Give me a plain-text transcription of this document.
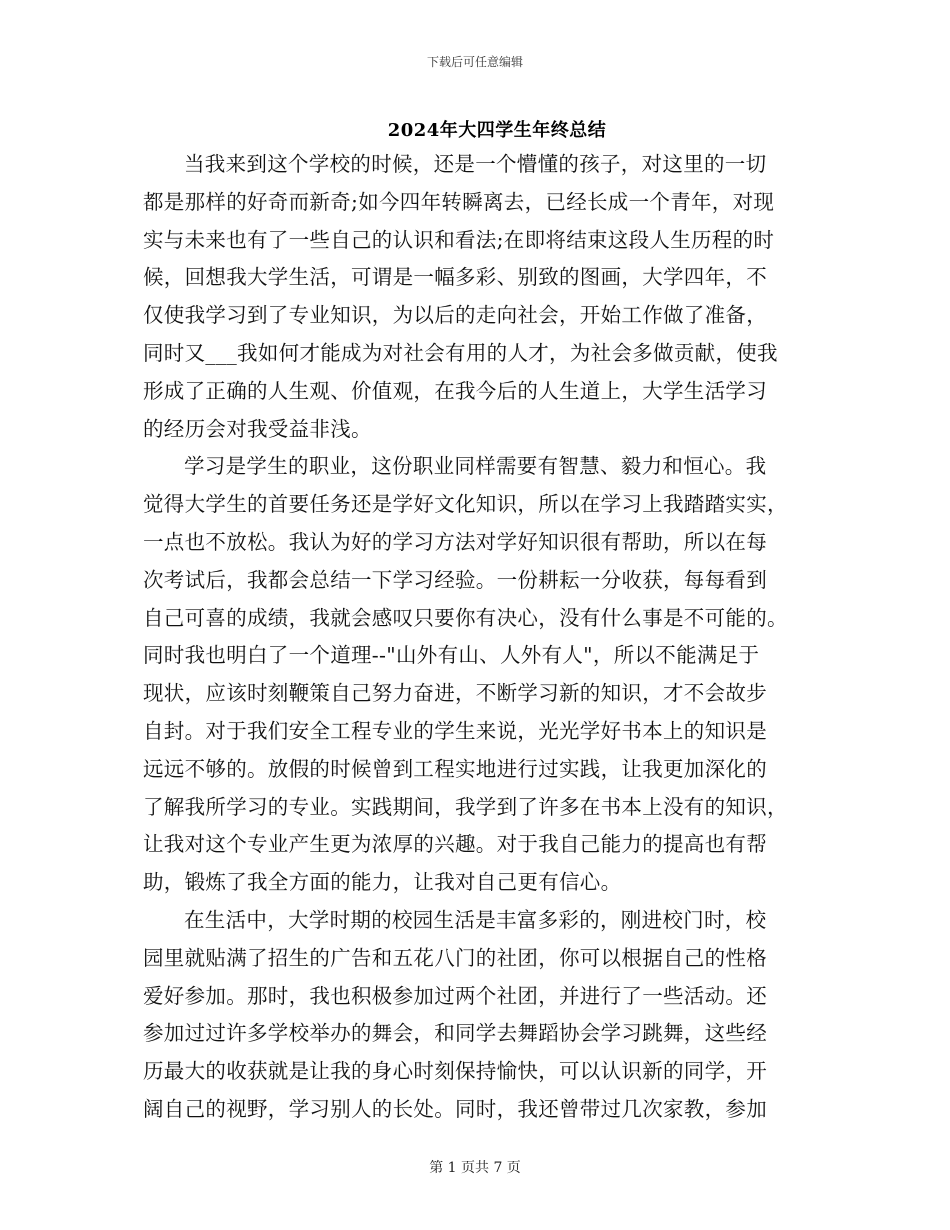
下载后可任意编辑
2024年大四学生年终总结

当我来到这个学校的时候，还是一个懵懂的孩子，对这里的一切
都是那样的好奇而新奇;如今四年转瞬离去，已经长成一个青年，对现
实与未来也有了一些自己的认识和看法;在即将结束这段人生历程的时
候，回想我大学生活，可谓是一幅多彩、别致的图画，大学四年，不
仅使我学习到了专业知识，为以后的走向社会，开始工作做了准备，
同时又___我如何才能成为对社会有用的人才，为社会多做贡献，使我
形成了正确的人生观、价值观，在我今后的人生道上，大学生活学习
的经历会对我受益非浅。

学习是学生的职业，这份职业同样需要有智慧、毅力和恒心。我
觉得大学生的首要任务还是学好文化知识，所以在学习上我踏踏实实，
一点也不放松。我认为好的学习方法对学好知识很有帮助，所以在每
次考试后，我都会总结一下学习经验。一份耕耘一分收获，每每看到
自己可喜的成绩，我就会感叹只要你有决心，没有什么事是不可能的。
同时我也明白了一个道理--"山外有山、人外有人"，所以不能满足于
现状，应该时刻鞭策自己努力奋进，不断学习新的知识，才不会故步
自封。对于我们安全工程专业的学生来说，光光学好书本上的知识是
远远不够的。放假的时候曾到工程实地进行过实践，让我更加深化的
了解我所学习的专业。实践期间，我学到了许多在书本上没有的知识，
让我对这个专业产生更为浓厚的兴趣。对于我自己能力的提高也有帮
助，锻炼了我全方面的能力，让我对自己更有信心。

在生活中，大学时期的校园生活是丰富多彩的，刚进校门时，校
园里就贴满了招生的广告和五花八门的社团，你可以根据自己的性格
爱好参加。那时，我也积极参加过两个社团，并进行了一些活动。还
参加过过许多学校举办的舞会，和同学去舞蹈协会学习跳舞，这些经
历最大的收获就是让我的身心时刻保持愉快，可以认识新的同学，开
阔自己的视野，学习别人的长处。同时，我还曾带过几次家教，参加

第 1 页共 7 页
